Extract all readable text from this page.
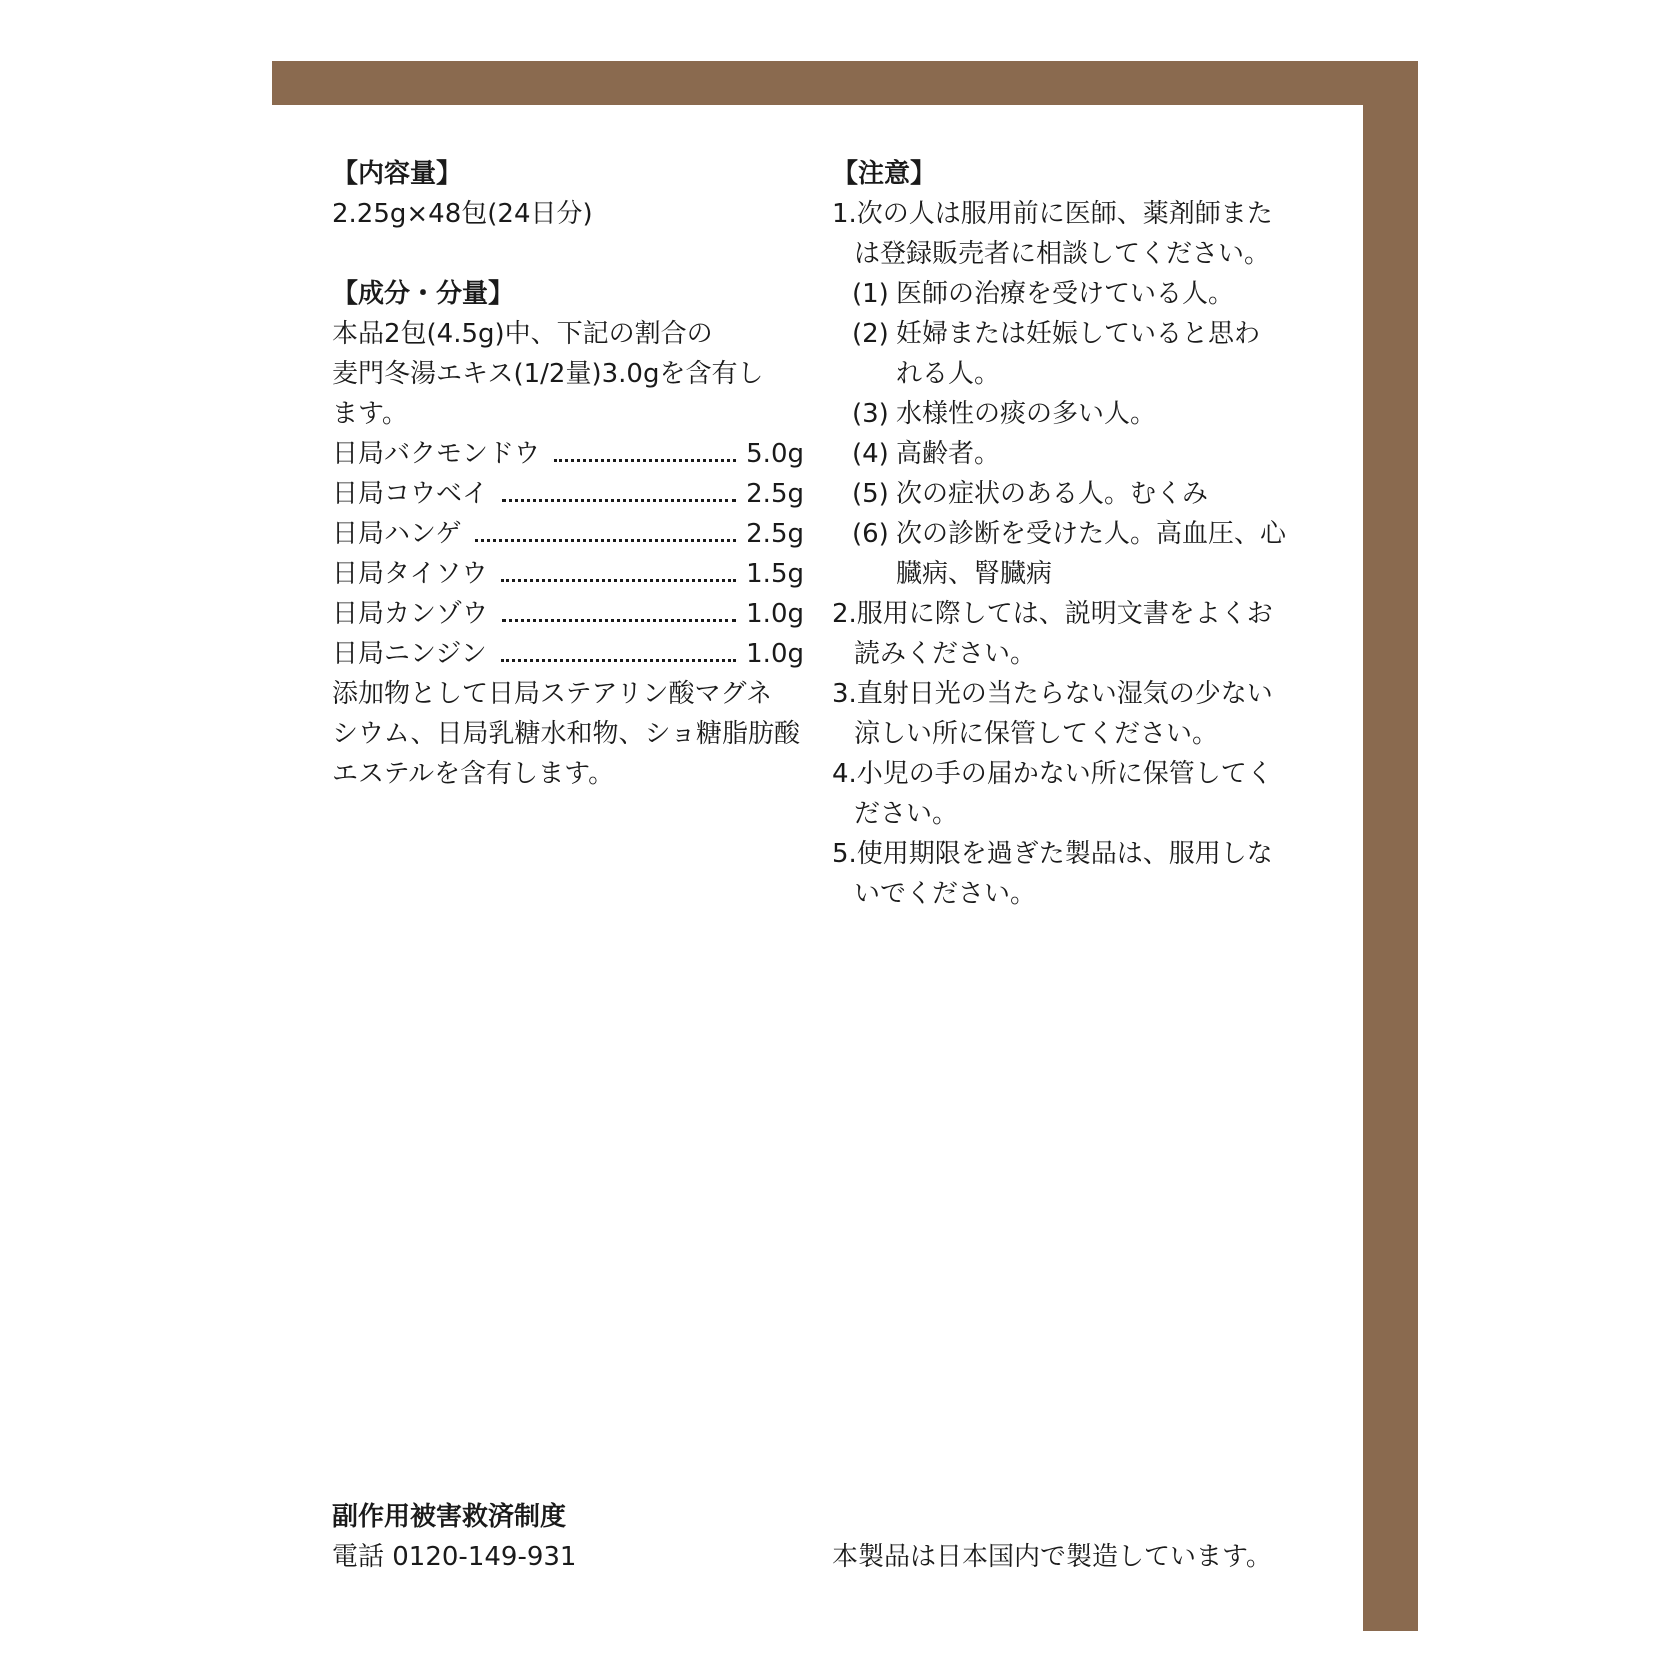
【内容量】
2.25g×48包(24日分)
【成分・分量】
本品2包(4.5g)中、下記の割合の
麦門冬湯エキス(1/2量)3.0gを含有し
ます。
日局バクモンドウ	5.0g
日局コウベイ	2.5g
日局ハンゲ	2.5g
日局タイソウ	1.5g
日局カンゾウ	1.0g
日局ニンジン	1.0g
添加物として日局ステアリン酸マグネ
シウム、日局乳糖水和物、ショ糖脂肪酸
エステルを含有します。
【注意】
1.次の人は服用前に医師、薬剤師また
は登録販売者に相談してください。
(1) 医師の治療を受けている人。
(2) 妊婦または妊娠していると思わ
れる人。
(3) 水様性の痰の多い人。
(4) 高齢者。
(5) 次の症状のある人。むくみ
(6) 次の診断を受けた人。高血圧、心
臓病、腎臓病
2.服用に際しては、説明文書をよくお
読みください。
3.直射日光の当たらない湿気の少ない
涼しい所に保管してください。
4.小児の手の届かない所に保管してく
ださい。
5.使用期限を過ぎた製品は、服用しな
いでください。
副作用被害救済制度
電話 0120-149-931	本製品は日本国内で製造しています。
